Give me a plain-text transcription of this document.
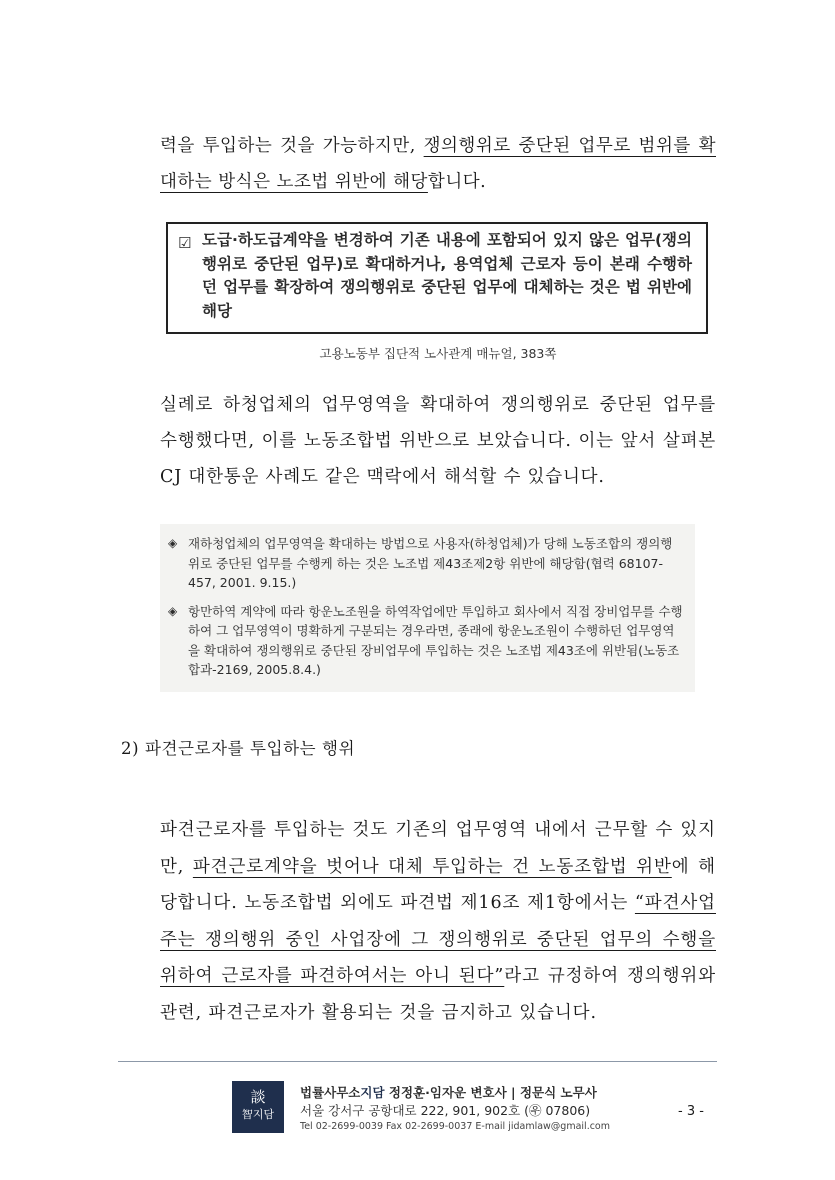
력을 투입하는 것을 가능하지만, 쟁의행위로 중단된 업무로 범위를 확대하는 방식은 노조법 위반에 해당합니다.
☑ 도급·하도급계약을 변경하여 기존 내용에 포함되어 있지 않은 업무(쟁의행위로 중단된 업무)로 확대하거나, 용역업체 근로자 등이 본래 수행하던 업무를 확장하여 쟁의행위로 중단된 업무에 대체하는 것은 법 위반에 해당
고용노동부 집단적 노사관계 매뉴얼, 383쪽
실례로 하청업체의 업무영역을 확대하여 쟁의행위로 중단된 업무를 수행했다면, 이를 노동조합법 위반으로 보았습니다. 이는 앞서 살펴본 CJ 대한통운 사례도 같은 맥락에서 해석할 수 있습니다.
◈ 재하청업체의 업무영역을 확대하는 방법으로 사용자(하청업체)가 당해 노동조합의 쟁의행위로 중단된 업무를 수행케 하는 것은 노조법 제43조제2항 위반에 해당함(협력 68107-457, 2001. 9.15.)
◈ 항만하역 계약에 따라 항운노조원을 하역작업에만 투입하고 회사에서 직접 장비업무를 수행하여 그 업무영역이 명확하게 구분되는 경우라면, 종래에 항운노조원이 수행하던 업무영역을 확대하여 쟁의행위로 중단된 장비업무에 투입하는 것은 노조법 제43조에 위반됨(노동조합과-2169, 2005.8.4.)
2) 파견근로자를 투입하는 행위
파견근로자를 투입하는 것도 기존의 업무영역 내에서 근무할 수 있지만, 파견근로계약을 벗어나 대체 투입하는 건 노동조합법 위반에 해당합니다. 노동조합법 외에도 파견법 제16조 제1항에서는 “파견사업주는 쟁의행위 중인 사업장에 그 쟁의행위로 중단된 업무의 수행을 위하여 근로자를 파견하여서는 아니 된다”라고 규정하여 쟁의행위와 관련, 파견근로자가 활용되는 것을 금지하고 있습니다.
談
智지담
법률사무소지담 정정훈·임자운 변호사 | 정문식 노무사
서울 강서구 공항대로 222, 901, 902호 (㉾ 07806)
Tel 02-2699-0039 Fax 02-2699-0037 E-mail jidamlaw@gmail.com
- 3 -
